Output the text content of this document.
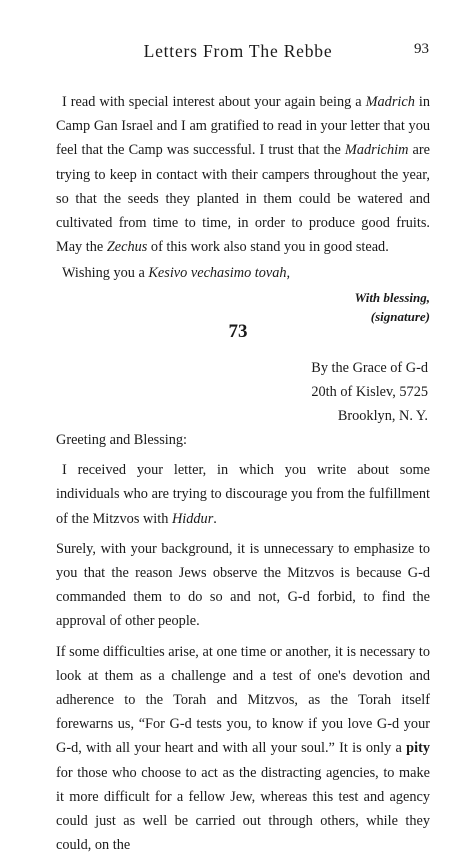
Letters From The Rebbe	93

I read with special interest about your again being a Madrich in Camp Gan Israel and I am gratified to read in your letter that you feel that the Camp was successful. I trust that the Madrichim are trying to keep in contact with their campers throughout the year, so that the seeds they planted in them could be watered and cultivated from time to time, in order to produce good fruits. May the Zechus of this work also stand you in good stead.

Wishing you a Kesivo vechasimo tovah,

With blessing,
(signature)
73
By the Grace of G-d
20th of Kislev, 5725
Brooklyn, N. Y.

Greeting and Blessing:

I received your letter, in which you write about some individuals who are trying to discourage you from the fulfillment of the Mitzvos with Hiddur.

Surely, with your background, it is unnecessary to emphasize to you that the reason Jews observe the Mitzvos is because G-d commanded them to do so and not, G-d forbid, to find the approval of other people.

If some difficulties arise, at one time or another, it is necessary to look at them as a challenge and a test of one's devotion and adherence to the Torah and Mitzvos, as the Torah itself forewarns us, “For G-d tests you, to know if you love G-d your G-d, with all your heart and with all your soul.” It is only a pity for those who choose to act as the distracting agencies, to make it more difficult for a fellow Jew, whereas this test and agency could just as well be carried out through others, while they could, on the
